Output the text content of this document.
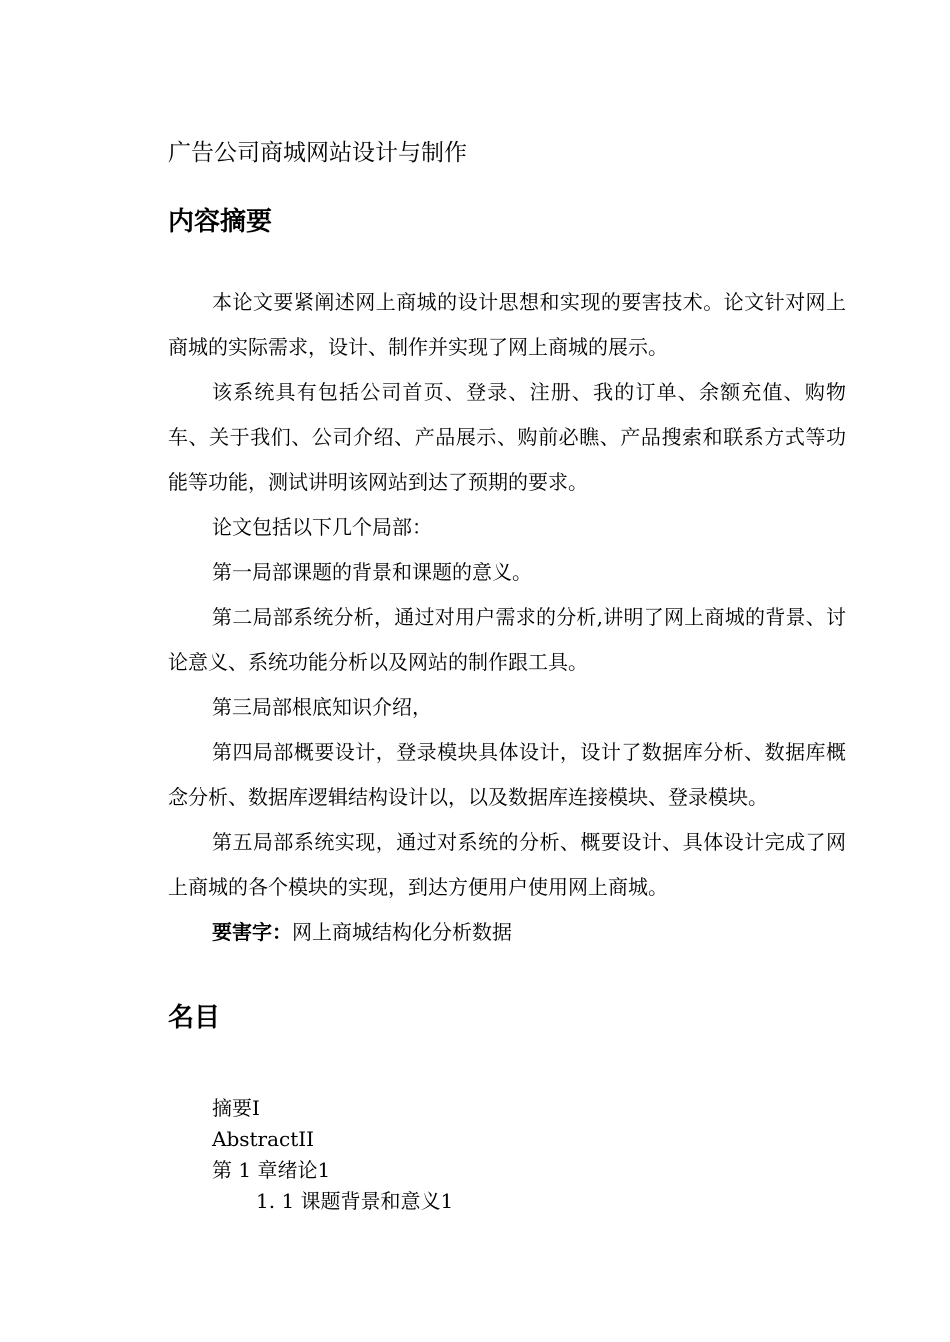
广告公司商城网站设计与制作
内容摘要

本论文要紧阐述网上商城的设计思想和实现的要害技术。论文针对网上商城的实际需求，设计、制作并实现了网上商城的展示。

该系统具有包括公司首页、登录、注册、我的订单、余额充值、购物车、关于我们、公司介绍、产品展示、购前必瞧、产品搜索和联系方式等功能等功能，测试讲明该网站到达了预期的要求。

论文包括以下几个局部：

第一局部课题的背景和课题的意义。

第二局部系统分析，通过对用户需求的分析,讲明了网上商城的背景、讨论意义、系统功能分析以及网站的制作跟工具。

第三局部根底知识介绍，

第四局部概要设计，登录模块具体设计，设计了数据库分析、数据库概念分析、数据库逻辑结构设计以，以及数据库连接模块、登录模块。

第五局部系统实现，通过对系统的分析、概要设计、具体设计完成了网上商城的各个模块的实现，到达方便用户使用网上商城。

要害字：网上商城结构化分析数据

名目

摘要I

AbstractII

第 1 章绪论1

1. 1 课题背景和意义1
